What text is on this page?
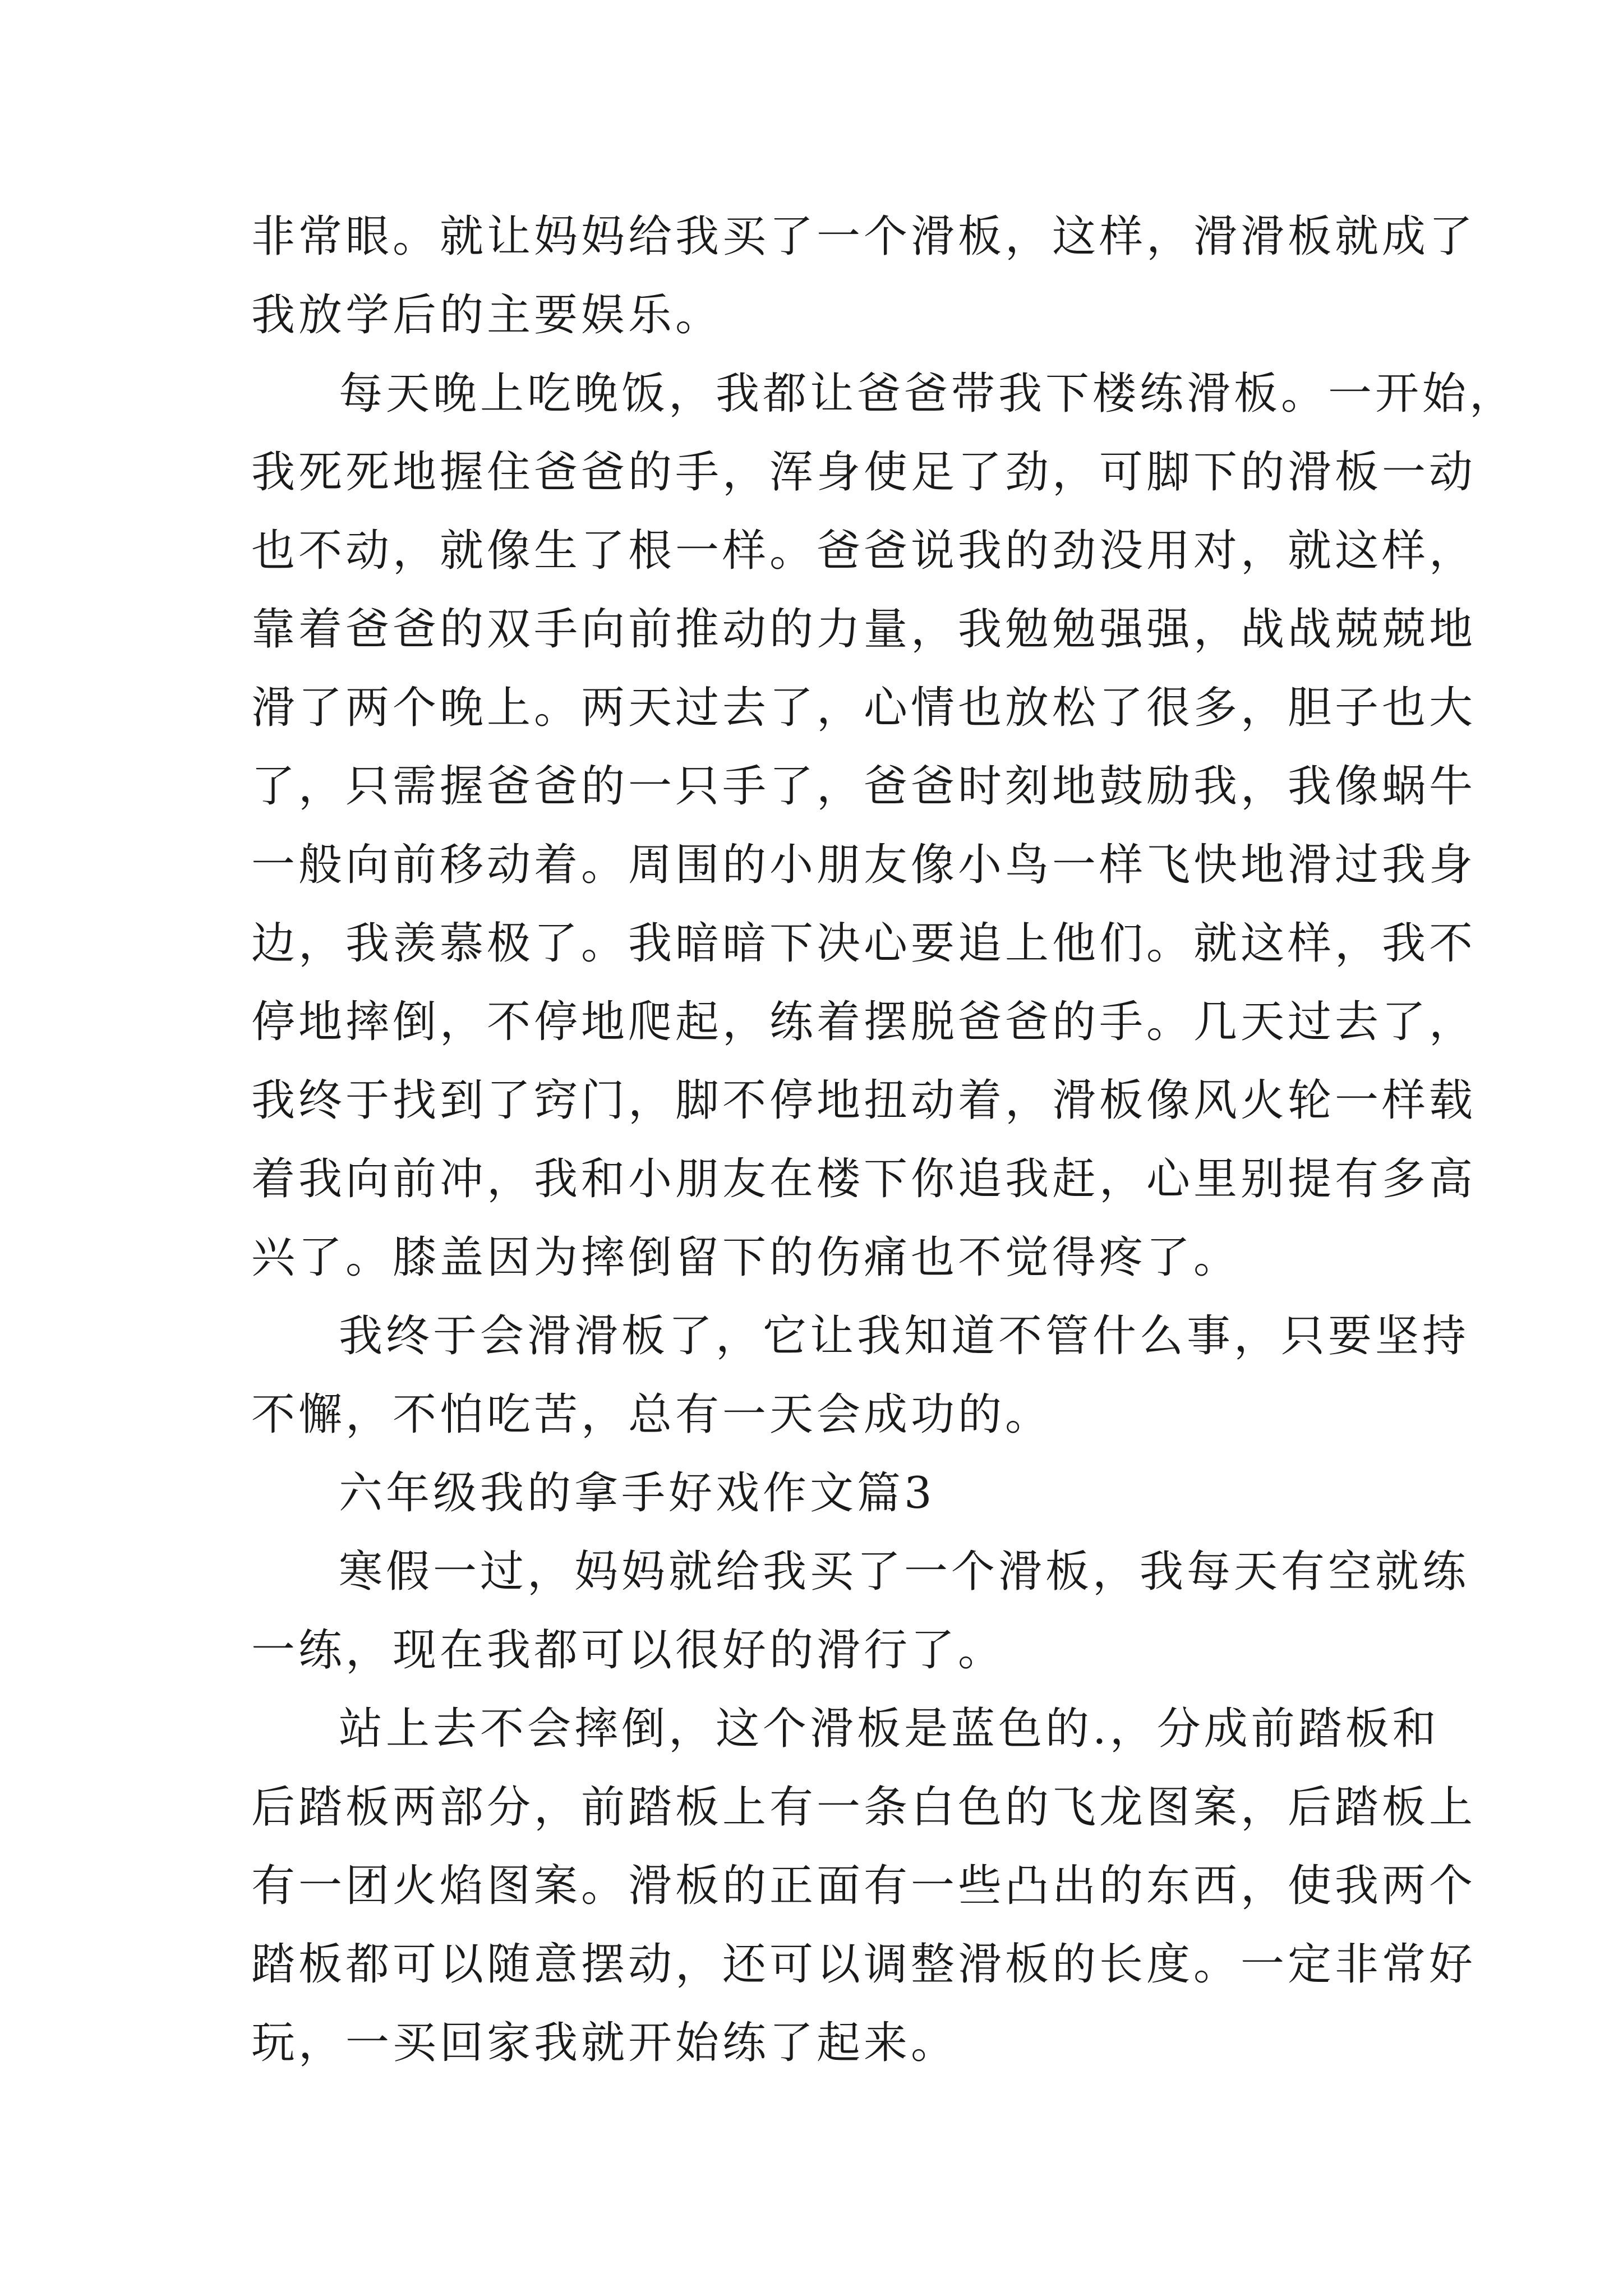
非常眼。就让妈妈给我买了一个滑板，这样，滑滑板就成了
我放学后的主要娱乐。
每天晚上吃晚饭，我都让爸爸带我下楼练滑板。一开始，
我死死地握住爸爸的手，浑身使足了劲，可脚下的滑板一动
也不动，就像生了根一样。爸爸说我的劲没用对，就这样，
靠着爸爸的双手向前推动的力量，我勉勉强强，战战兢兢地
滑了两个晚上。两天过去了，心情也放松了很多，胆子也大
了，只需握爸爸的一只手了，爸爸时刻地鼓励我，我像蜗牛
一般向前移动着。周围的小朋友像小鸟一样飞快地滑过我身
边，我羡慕极了。我暗暗下决心要追上他们。就这样，我不
停地摔倒，不停地爬起，练着摆脱爸爸的手。几天过去了，
我终于找到了窍门，脚不停地扭动着，滑板像风火轮一样载
着我向前冲，我和小朋友在楼下你追我赶，心里别提有多高
兴了。膝盖因为摔倒留下的伤痛也不觉得疼了。
我终于会滑滑板了，它让我知道不管什么事，只要坚持
不懈，不怕吃苦，总有一天会成功的。
六年级我的拿手好戏作文篇3
寒假一过，妈妈就给我买了一个滑板，我每天有空就练
一练，现在我都可以很好的滑行了。
站上去不会摔倒，这个滑板是蓝色的.，分成前踏板和
后踏板两部分，前踏板上有一条白色的飞龙图案，后踏板上
有一团火焰图案。滑板的正面有一些凸出的东西，使我两个
踏板都可以随意摆动，还可以调整滑板的长度。一定非常好
玩，一买回家我就开始练了起来。
